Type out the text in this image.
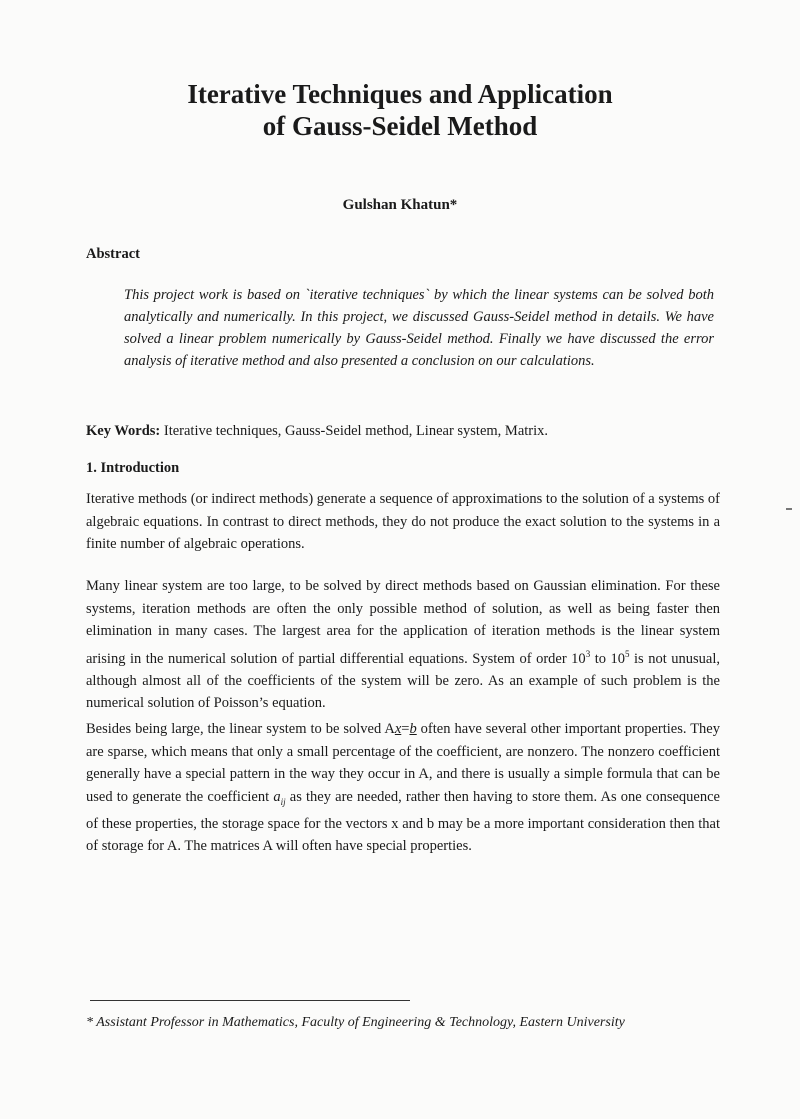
Iterative Techniques and Application
of Gauss-Seidel Method
Gulshan Khatun*
Abstract
This project work is based on `iterative techniques` by which the linear systems can be solved both analytically and numerically. In this project, we discussed Gauss-Seidel method in details. We have solved a linear problem numerically by Gauss-Seidel method. Finally we have discussed the error analysis of iterative method and also presented a conclusion on our calculations.
Key Words: Iterative techniques, Gauss-Seidel method, Linear system, Matrix.
1. Introduction
Iterative methods (or indirect methods) generate a sequence of approximations to the solution of a systems of algebraic equations. In contrast to direct methods, they do not produce the exact solution to the systems in a finite number of algebraic operations.
Many linear system are too large, to be solved by direct methods based on Gaussian elimination. For these systems, iteration methods are often the only possible method of solution, as well as being faster then elimination in many cases. The largest area for the application of iteration methods is the linear system arising in the numerical solution of partial differential equations. System of order $10^3$ to $10^5$ is not unusual, although almost all of the coefficients of the system will be zero. As an example of such problem is the numerical solution of Poisson’s equation.
Besides being large, the linear system to be solved Ax=b often have several other important properties. They are sparse, which means that only a small percentage of the coefficient, are nonzero. The nonzero coefficient generally have a special pattern in the way they occur in A, and there is usually a simple formula that can be used to generate the coefficient $a_{ij}$ as they are needed, rather then having to store them. As one consequence of these properties, the storage space for the vectors x and b may be a more important consideration then that of storage for A. The matrices A will often have special properties.
* Assistant Professor in Mathematics, Faculty of Engineering & Technology, Eastern University
